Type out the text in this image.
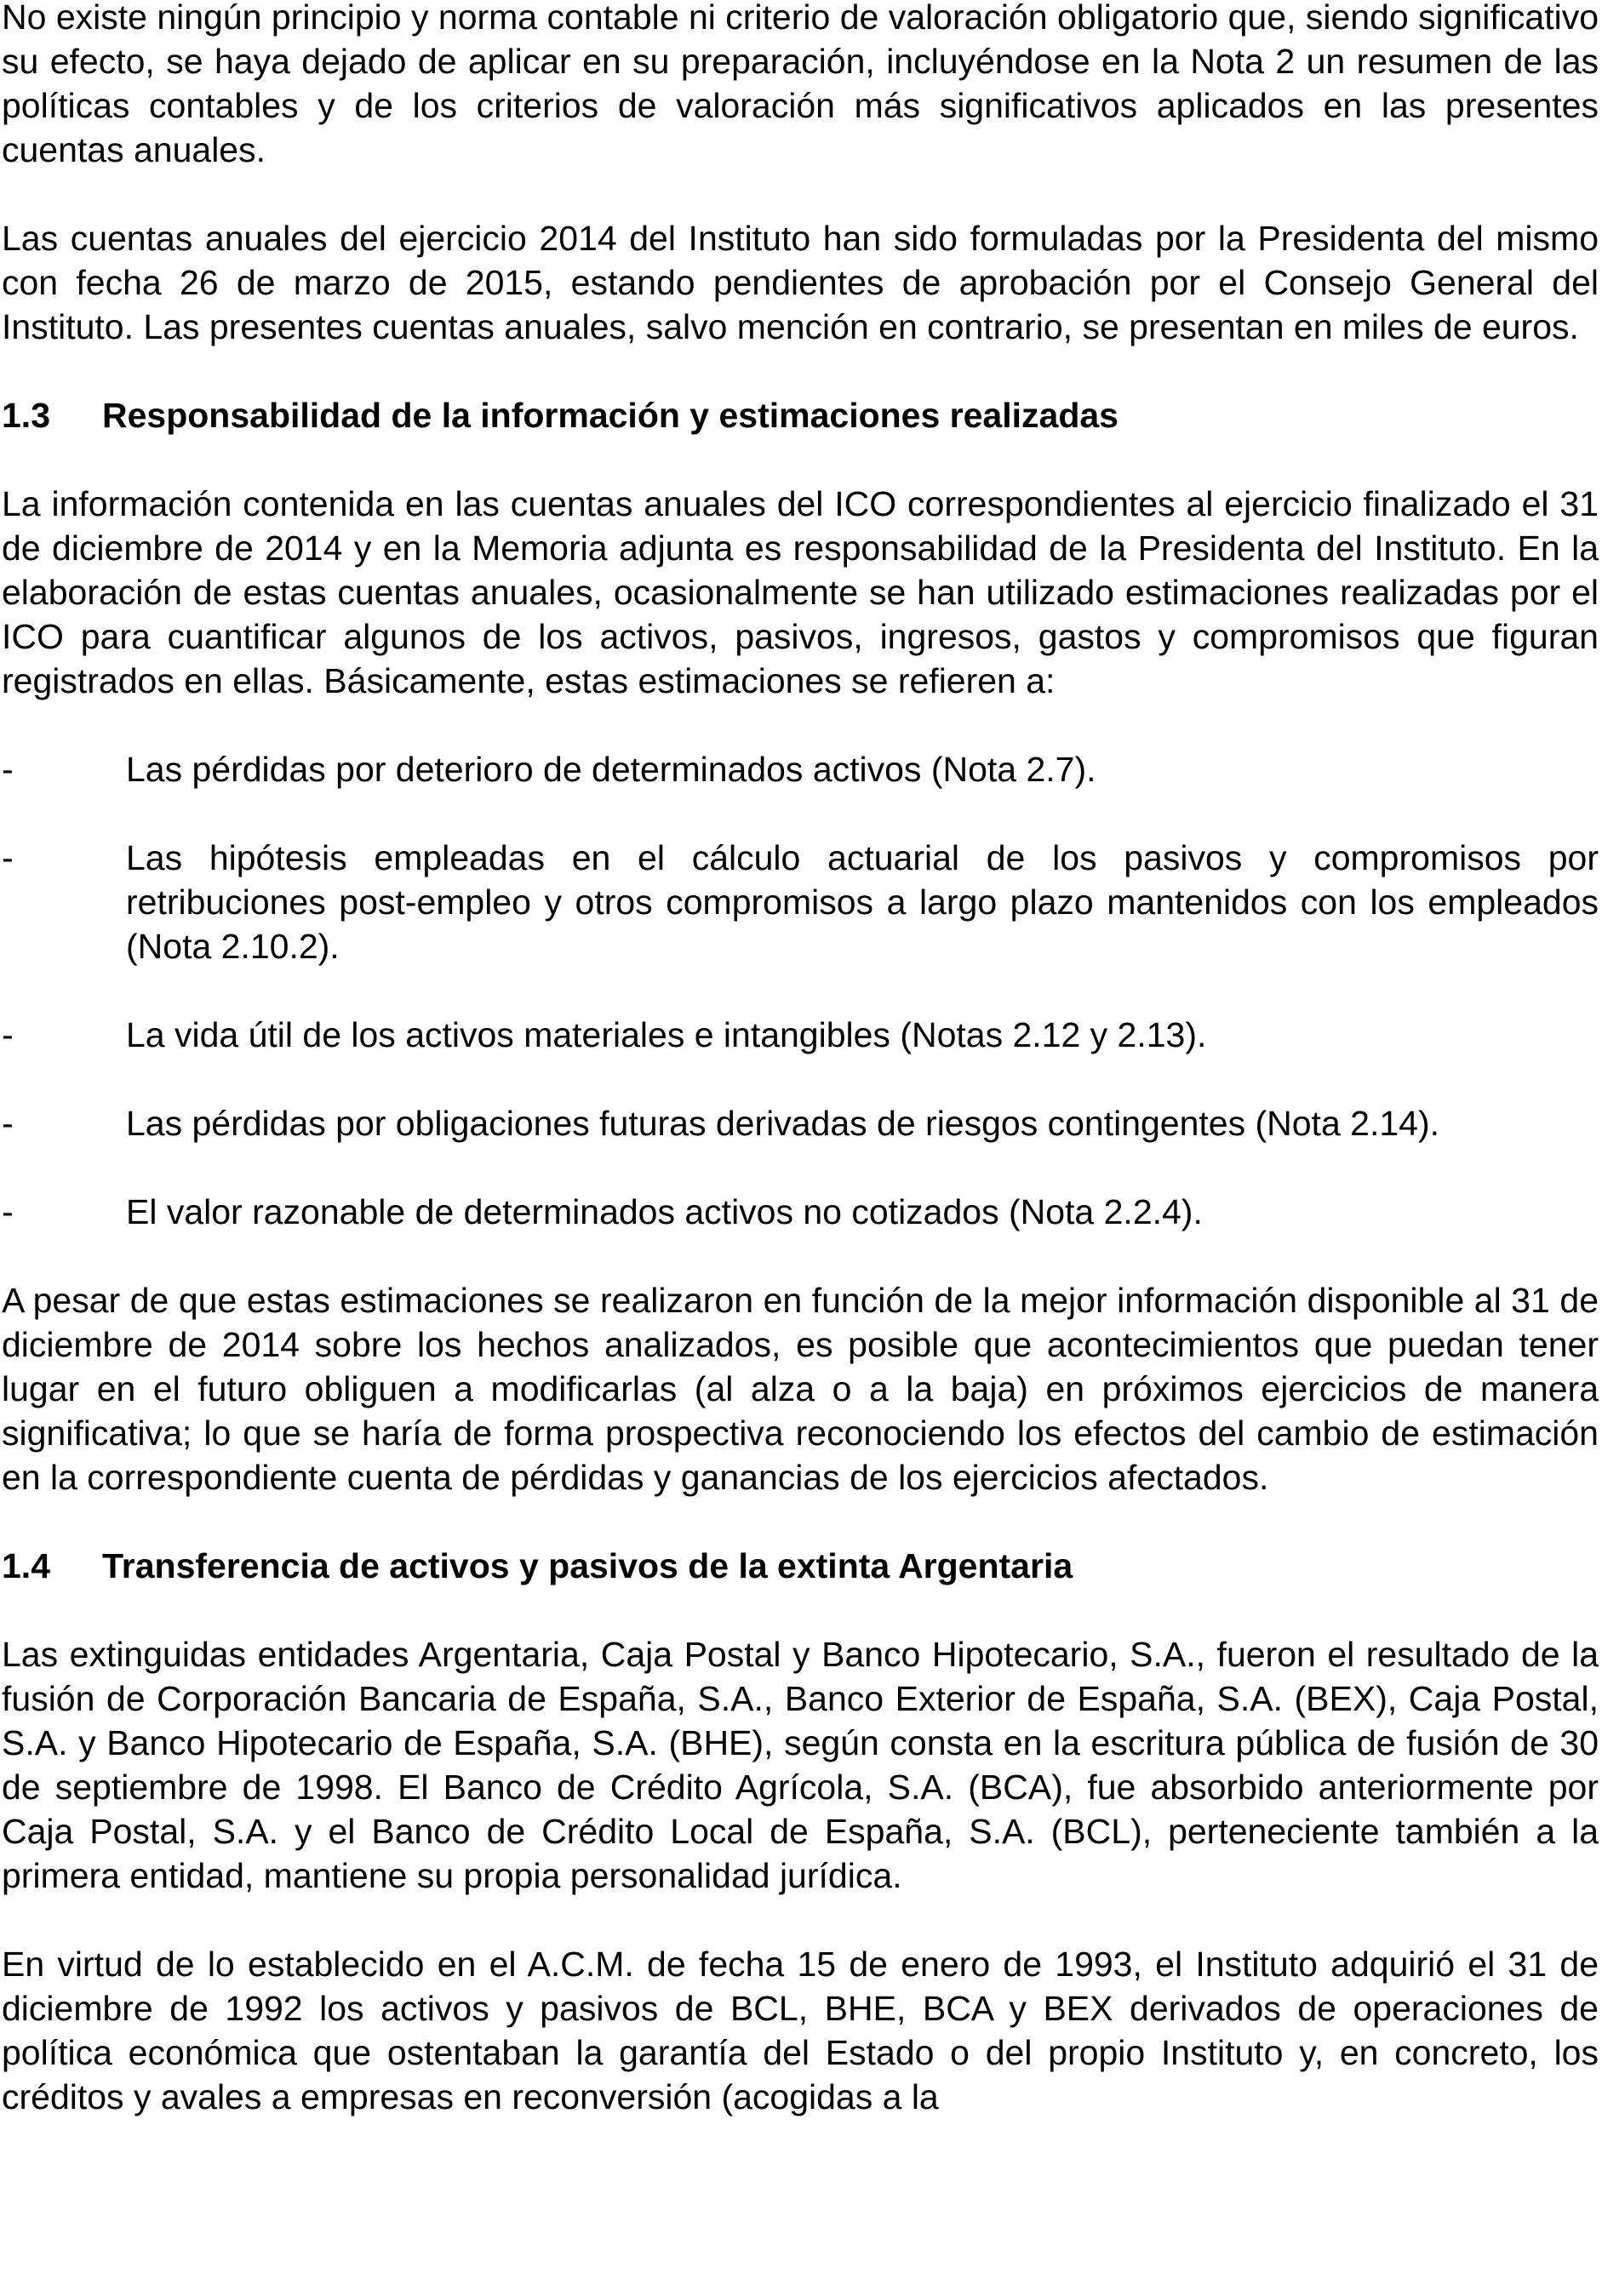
No existe ningún principio y norma contable ni criterio de valoración obligatorio que, siendo significativo su efecto, se haya dejado de aplicar en su preparación, incluyéndose en la Nota 2 un resumen de las políticas contables y de los criterios de valoración más significativos aplicados en las presentes cuentas anuales.

Las cuentas anuales del ejercicio 2014 del Instituto han sido formuladas por la Presidenta del mismo con fecha 26 de marzo de 2015, estando pendientes de aprobación por el Consejo General del Instituto. Las presentes cuentas anuales, salvo mención en contrario, se presentan en miles de euros.

1.3	Responsabilidad de la información y estimaciones realizadas

La información contenida en las cuentas anuales del ICO correspondientes al ejercicio finalizado el 31 de diciembre de 2014 y en la Memoria adjunta es responsabilidad de la Presidenta del Instituto. En la elaboración de estas cuentas anuales, ocasionalmente se han utilizado estimaciones realizadas por el ICO para cuantificar algunos de los activos, pasivos, ingresos, gastos y compromisos que figuran registrados en ellas. Básicamente, estas estimaciones se refieren a:

-	Las pérdidas por deterioro de determinados activos (Nota 2.7).
-	Las hipótesis empleadas en el cálculo actuarial de los pasivos y compromisos por retribuciones post-empleo y otros compromisos a largo plazo mantenidos con los empleados (Nota 2.10.2).
-	La vida útil de los activos materiales e intangibles (Notas 2.12 y 2.13).
-	Las pérdidas por obligaciones futuras derivadas de riesgos contingentes (Nota 2.14).
-	El valor razonable de determinados activos no cotizados (Nota 2.2.4).

A pesar de que estas estimaciones se realizaron en función de la mejor información disponible al 31 de diciembre de 2014 sobre los hechos analizados, es posible que acontecimientos que puedan tener lugar en el futuro obliguen a modificarlas (al alza o a la baja) en próximos ejercicios de manera significativa; lo que se haría de forma prospectiva reconociendo los efectos del cambio de estimación en la correspondiente cuenta de pérdidas y ganancias de los ejercicios afectados.

1.4	Transferencia de activos y pasivos de la extinta Argentaria

Las extinguidas entidades Argentaria, Caja Postal y Banco Hipotecario, S.A., fueron el resultado de la fusión de Corporación Bancaria de España, S.A., Banco Exterior de España, S.A. (BEX), Caja Postal, S.A. y Banco Hipotecario de España, S.A. (BHE), según consta en la escritura pública de fusión de 30 de septiembre de 1998. El Banco de Crédito Agrícola, S.A. (BCA), fue absorbido anteriormente por Caja Postal, S.A. y el Banco de Crédito Local de España, S.A. (BCL), perteneciente también a la primera entidad, mantiene su propia personalidad jurídica.

En virtud de lo establecido en el A.C.M. de fecha 15 de enero de 1993, el Instituto adquirió el 31 de diciembre de 1992 los activos y pasivos de BCL, BHE, BCA y BEX derivados de operaciones de política económica que ostentaban la garantía del Estado o del propio Instituto y, en concreto, los créditos y avales a empresas en reconversión (acogidas a la
